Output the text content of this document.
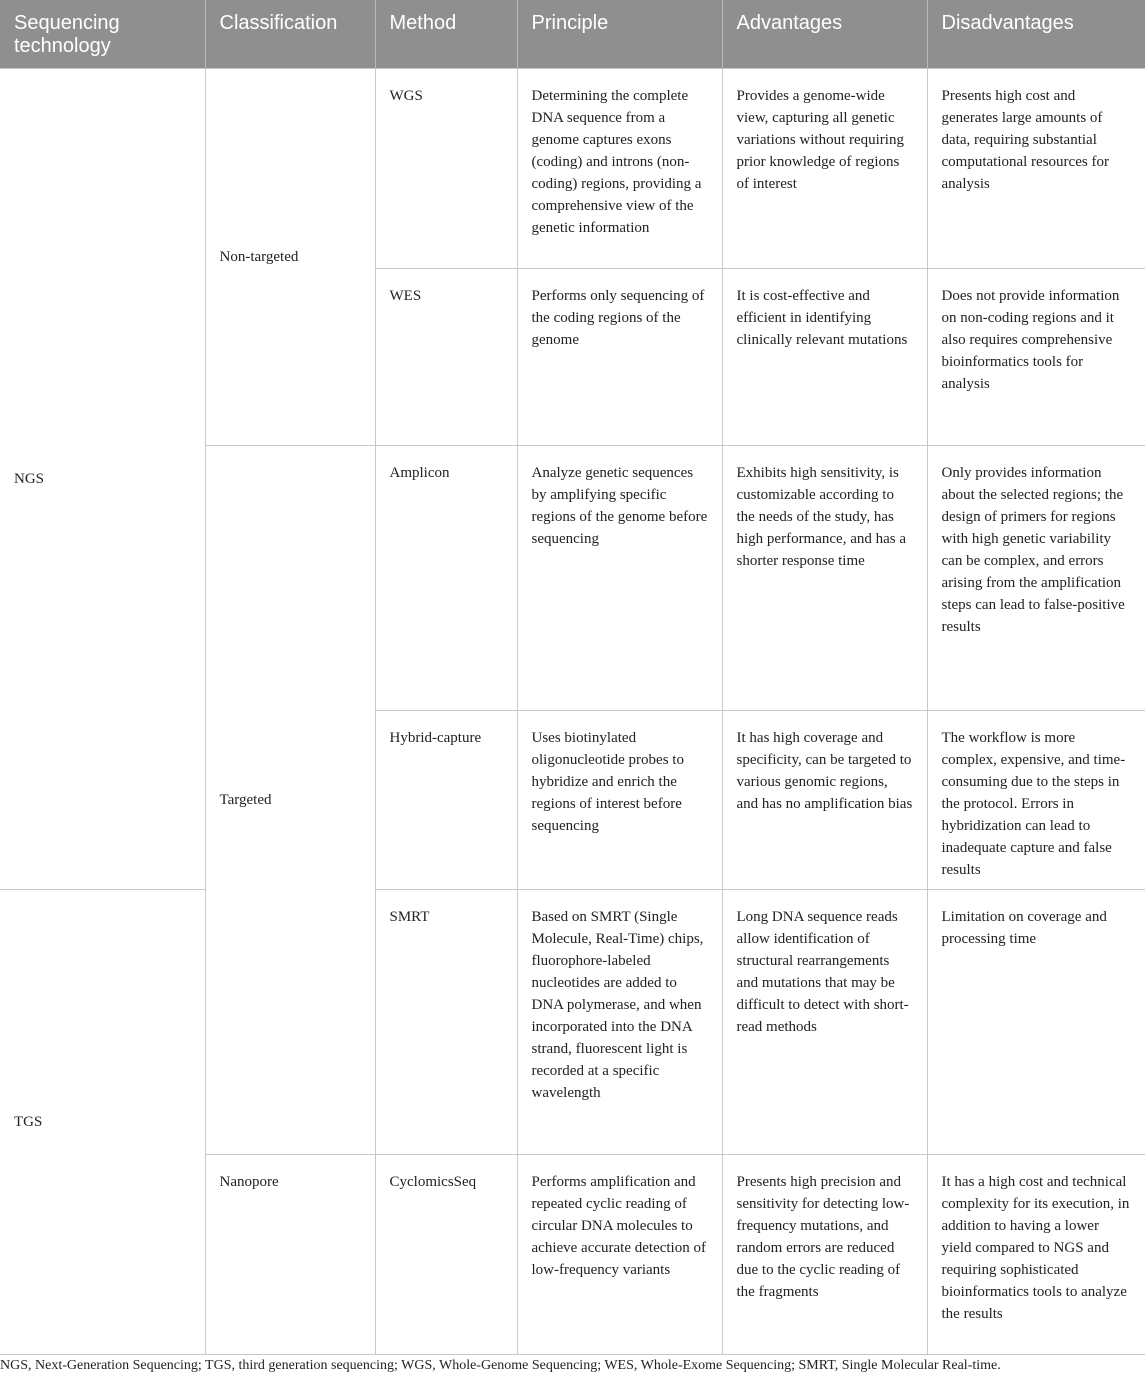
Sequencing technology	Classification	Method	Principle	Advantages	Disadvantages
NGS	Non-targeted	WGS	Determining the complete DNA sequence from a genome captures exons (coding) and introns (non-coding) regions, providing a comprehensive view of the genetic information	Provides a genome-wide view, capturing all genetic variations without requiring prior knowledge of regions of interest	Presents high cost and generates large amounts of data, requiring substantial computational resources for analysis
		WES	Performs only sequencing of the coding regions of the genome	It is cost-effective and efficient in identifying clinically relevant mutations	Does not provide information on non-coding regions and it also requires comprehensive bioinformatics tools for analysis
	Targeted	Amplicon	Analyze genetic sequences by amplifying specific regions of the genome before sequencing	Exhibits high sensitivity, is customizable according to the needs of the study, has high performance, and has a shorter response time	Only provides information about the selected regions; the design of primers for regions with high genetic variability can be complex, and errors arising from the amplification steps can lead to false-positive results
		Hybrid-capture	Uses biotinylated oligonucleotide probes to hybridize and enrich the regions of interest before sequencing	It has high coverage and specificity, can be targeted to various genomic regions, and has no amplification bias	The workflow is more complex, expensive, and time-consuming due to the steps in the protocol. Errors in hybridization can lead to inadequate capture and false results
TGS		SMRT	Based on SMRT (Single Molecule, Real-Time) chips, fluorophore-labeled nucleotides are added to DNA polymerase, and when incorporated into the DNA strand, fluorescent light is recorded at a specific wavelength	Long DNA sequence reads allow identification of structural rearrangements and mutations that may be difficult to detect with short-read methods	Limitation on coverage and processing time
	Nanopore	CyclomicsSeq	Performs amplification and repeated cyclic reading of circular DNA molecules to achieve accurate detection of low-frequency variants	Presents high precision and sensitivity for detecting low-frequency mutations, and random errors are reduced due to the cyclic reading of the fragments	It has a high cost and technical complexity for its execution, in addition to having a lower yield compared to NGS and requiring sophisticated bioinformatics tools to analyze the results
NGS, Next-Generation Sequencing; TGS, third generation sequencing; WGS, Whole-Genome Sequencing; WES, Whole-Exome Sequencing; SMRT, Single Molecular Real-time.
